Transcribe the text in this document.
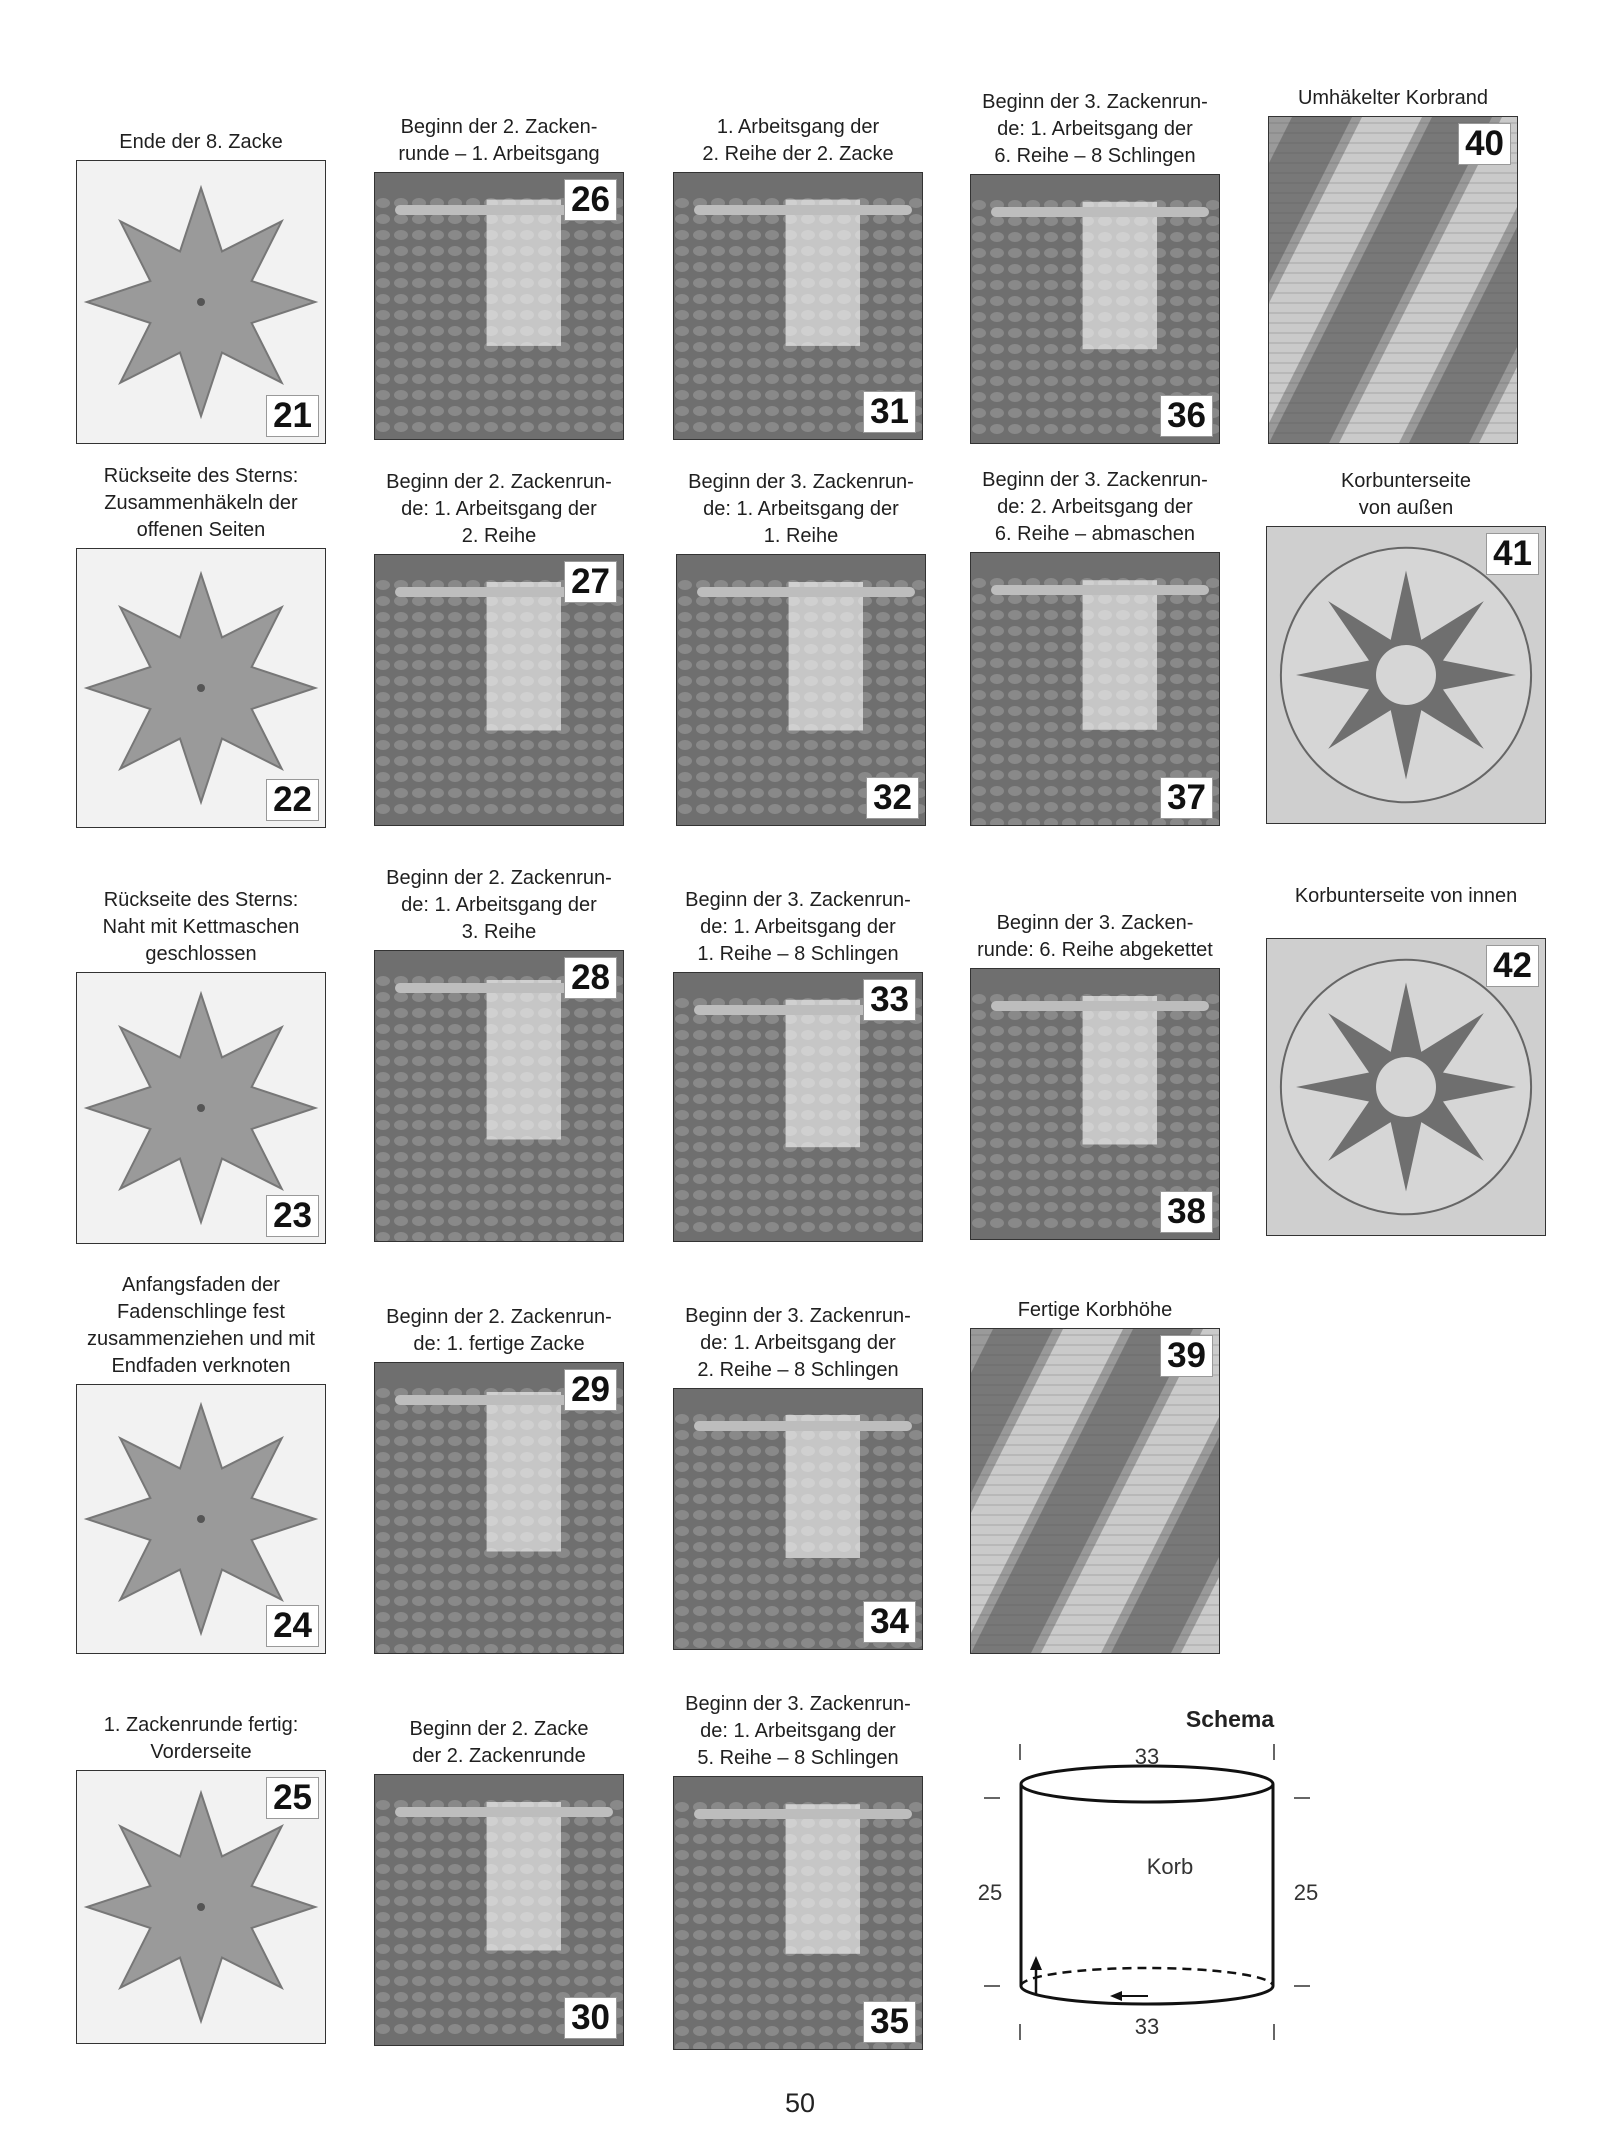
Ende der 8. Zacke
21
Rückseite des Sterns:
Zusammenhäkeln der
offenen Seiten
22
Rückseite des Sterns:
Naht mit Kettmaschen
geschlossen
23
Anfangsfaden der
Fadenschlinge fest
zusammenziehen und mit
Endfaden verknoten
24
1. Zackenrunde fertig:
Vorderseite
25
Beginn der 2. Zacken-
runde – 1. Arbeitsgang
26
Beginn der 2. Zackenrun-
de: 1. Arbeitsgang der
2. Reihe
27
Beginn der 2. Zackenrun-
de: 1. Arbeitsgang der
3. Reihe
28
Beginn der 2. Zackenrun-
de: 1. fertige Zacke
29
Beginn der 2. Zacke
der 2. Zackenrunde
30
1. Arbeitsgang der
2. Reihe der 2. Zacke
31
Beginn der 3. Zackenrun-
de: 1. Arbeitsgang der
1. Reihe
32
Beginn der 3. Zackenrun-
de: 1. Arbeitsgang der
1. Reihe – 8 Schlingen
33
Beginn der 3. Zackenrun-
de: 1. Arbeitsgang der
2. Reihe – 8 Schlingen
34
Beginn der 3. Zackenrun-
de: 1. Arbeitsgang der
5. Reihe – 8 Schlingen
35
Beginn der 3. Zackenrun-
de: 1. Arbeitsgang der
6. Reihe – 8 Schlingen
36
Beginn der 3. Zackenrun-
de: 2. Arbeitsgang der
6. Reihe – abmaschen
37
Beginn der 3. Zacken-
runde: 6. Reihe abgekettet
38
Fertige Korbhöhe
39
Umhäkelter Korbrand
40
Korbunterseite
von außen
41
Korbunterseite von innen
42
Schema
33
33
25	25
Korb
50
